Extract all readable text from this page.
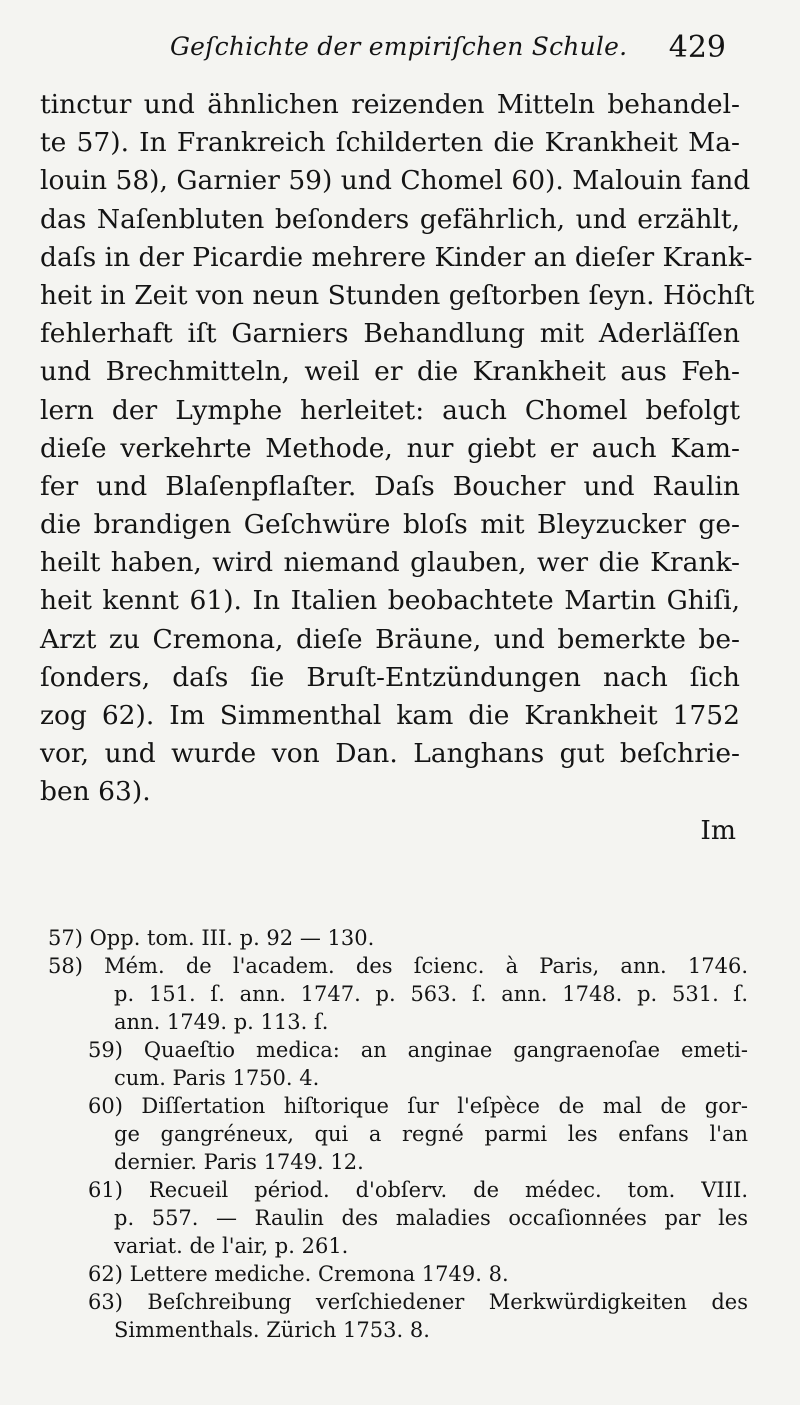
Geſchichte der empiriſchen Schule. 429
tinctur und ähnlichen reizenden Mitteln behandel-
te 57). In Frankreich ſchilderten die Krankheit Ma-
louin 58), Garnier 59) und Chomel 60). Malouin fand
das Naſenbluten beſonders gefährlich, und erzählt,
daſs in der Picardie mehrere Kinder an dieſer Krank-
heit in Zeit von neun Stunden geſtorben ſeyn. Höchſt
fehlerhaft iſt Garniers Behandlung mit Aderläſſen
und Brechmitteln, weil er die Krankheit aus Feh-
lern der Lymphe herleitet: auch Chomel befolgt
dieſe verkehrte Methode, nur giebt er auch Kam-
fer und Blaſenpflaſter. Daſs Boucher und Raulin
die brandigen Geſchwüre bloſs mit Bleyzucker ge-
heilt haben, wird niemand glauben, wer die Krank-
heit kennt 61). In Italien beobachtete Martin Ghiſi,
Arzt zu Cremona, dieſe Bräune, und bemerkte be-
ſonders, daſs ſie Bruſt-Entzündungen nach ſich
zog 62). Im Simmenthal kam die Krankheit 1752
vor, und wurde von Dan. Langhans gut beſchrie-
ben 63).
Im
57) Opp. tom. III. p. 92 — 130.
58) Mém. de l'academ. des ſcienc. à Paris, ann. 1746.
p. 151. ſ. ann. 1747. p. 563. ſ. ann. 1748. p. 531. ſ.
ann. 1749. p. 113. ſ.
59) Quaeſtio medica: an anginae gangraenoſae emeti-
cum. Paris 1750. 4.
60) Diſſertation hiſtorique ſur l'eſpèce de mal de gor-
ge gangréneux, qui a regné parmi les enfans l'an
dernier. Paris 1749. 12.
61) Recueil périod. d'obſerv. de médec. tom. VIII.
p. 557. — Raulin des maladies occaſionnées par les
variat. de l'air, p. 261.
62) Lettere mediche. Cremona 1749. 8.
63) Beſchreibung verſchiedener Merkwürdigkeiten des
Simmenthals. Zürich 1753. 8.
